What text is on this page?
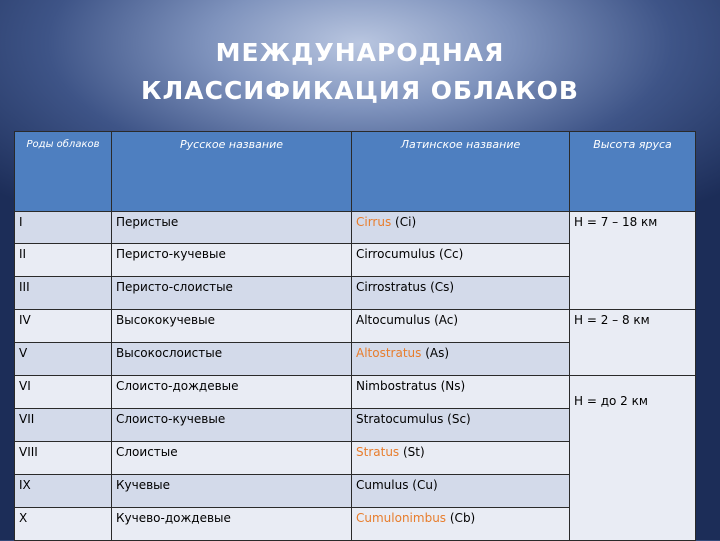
МЕЖДУНАРОДНАЯ
КЛАССИФИКАЦИЯ ОБЛАКОВ
Роды облаков	Русское название	Латинское название	Высота яруса
I	Перистые	Cirrus (Ci)	H = 7 – 18 км
II	Перисто-кучевые	Cirrocumulus (Cc)	
III	Перисто-слоистые	Cirrostratus (Cs)	
IV	Высококучевые	Altocumulus (Ac)	H = 2 – 8 км
V	Высокослоистые	Altostratus (As)	
VI	Слоисто-дождевые	Nimbostratus (Ns)	H = до 2 км
VII	Слоисто-кучевые	Stratocumulus (Sc)	
VIII	Слоистые	Stratus (St)	
IX	Кучевые	Cumulus (Cu)	
X	Кучево-дождевые	Cumulonimbus (Cb)	
